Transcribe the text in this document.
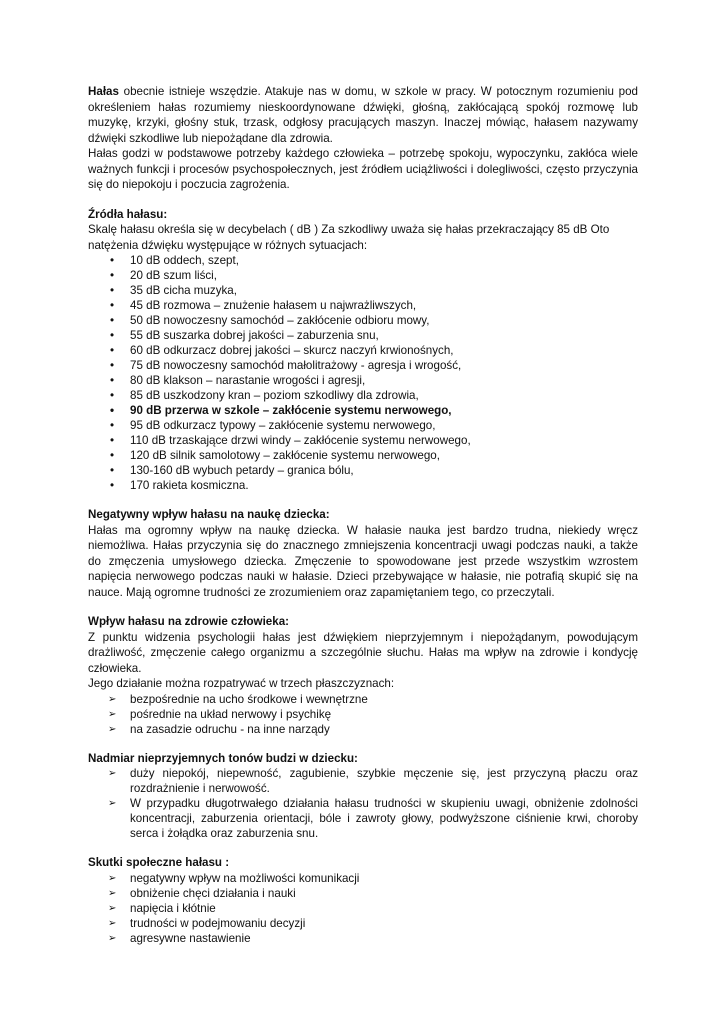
Hałas obecnie istnieje wszędzie. Atakuje nas w domu, w szkole w pracy. W potocznym rozumieniu pod określeniem hałas rozumiemy nieskoordynowane dźwięki, głośną, zakłócającą spokój rozmowę lub muzykę, krzyki, głośny stuk, trzask, odgłosy pracujących maszyn. Inaczej mówiąc, hałasem nazywamy dźwięki szkodliwe lub niepożądane dla zdrowia.

Hałas godzi w podstawowe potrzeby każdego człowieka – potrzebę spokoju, wypoczynku, zakłóca wiele ważnych funkcji i procesów psychospołecznych, jest źródłem uciążliwości i dolegliwości, często przyczynia się do niepokoju i poczucia zagrożenia.

Źródła hałasu:

Skalę hałasu określa się w decybelach ( dB ) Za szkodliwy uważa się hałas przekraczający 85 dB Oto natężenia dźwięku występujące w różnych sytuacjach:

• 10 dB oddech, szept,
• 20 dB szum liści,
• 35 dB cicha muzyka,
• 45 dB rozmowa – znużenie hałasem u najwrażliwszych,
• 50 dB nowoczesny samochód – zakłócenie odbioru mowy,
• 55 dB suszarka dobrej jakości – zaburzenia snu,
• 60 dB odkurzacz dobrej jakości – skurcz naczyń krwionośnych,
• 75 dB nowoczesny samochód małolitrażowy - agresja i wrogość,
• 80 dB klakson – narastanie wrogości i agresji,
• 85 dB uszkodzony kran – poziom szkodliwy dla zdrowia,
• 90 dB przerwa w szkole – zakłócenie systemu nerwowego,
• 95 dB odkurzacz typowy – zakłócenie systemu nerwowego,
• 110 dB trzaskające drzwi windy – zakłócenie systemu nerwowego,
• 120 dB silnik samolotowy – zakłócenie systemu nerwowego,
• 130-160 dB wybuch petardy – granica bólu,
• 170 rakieta kosmiczna.
Negatywny wpływ hałasu na naukę dziecka:

Hałas ma ogromny wpływ na naukę dziecka. W hałasie nauka jest bardzo trudna, niekiedy wręcz niemożliwa. Hałas przyczynia się do znacznego zmniejszenia koncentracji uwagi podczas nauki, a także do zmęczenia umysłowego dziecka. Zmęczenie to spowodowane jest przede wszystkim wzrostem napięcia nerwowego podczas nauki w hałasie. Dzieci przebywające w hałasie, nie potrafią skupić się na nauce. Mają ogromne trudności ze zrozumieniem oraz zapamiętaniem tego, co przeczytali.

Wpływ hałasu na zdrowie człowieka:

Z punktu widzenia psychologii hałas jest dźwiękiem nieprzyjemnym i niepożądanym, powodującym drażliwość, zmęczenie całego organizmu a szczególnie słuchu. Hałas ma wpływ na zdrowie i kondycję człowieka.

Jego działanie można rozpatrywać w trzech płaszczyznach:

➢ bezpośrednie na ucho środkowe i wewnętrzne
➢ pośrednie na układ nerwowy i psychikę
➢ na zasadzie odruchu - na inne narządy
Nadmiar nieprzyjemnych tonów budzi w dziecku:
➢ duży niepokój, niepewność, zagubienie, szybkie męczenie się, jest przyczyną płaczu oraz rozdrażnienie i nerwowość.
➢ W przypadku długotrwałego działania hałasu trudności w skupieniu uwagi, obniżenie zdolności koncentracji, zaburzenia orientacji, bóle i zawroty głowy, podwyższone ciśnienie krwi, choroby serca i żołądka oraz zaburzenia snu.
Skutki społeczne hałasu :
➢ negatywny wpływ na możliwości komunikacji
➢ obniżenie chęci działania i nauki
➢ napięcia i kłótnie
➢ trudności w podejmowaniu decyzji
➢ agresywne nastawienie
